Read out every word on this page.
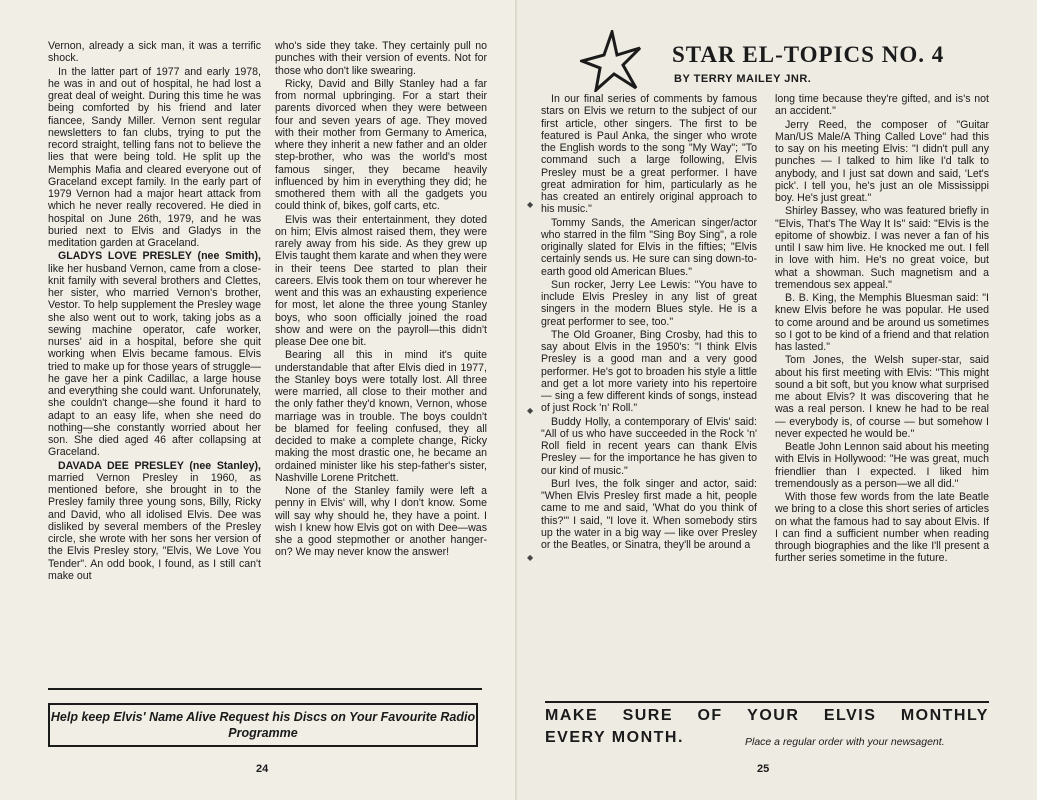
Vernon, already a sick man, it was a terrific shock.

In the latter part of 1977 and early 1978, he was in and out of hospital, he had lost a great deal of weight. During this time he was being comforted by his friend and later fiancee, Sandy Miller. Vernon sent regular newsletters to fan clubs, trying to put the record straight, telling fans not to believe the lies that were being told. He split up the Memphis Mafia and cleared everyone out of Graceland except family. In the early part of 1979 Vernon had a major heart attack from which he never really recovered. He died in hospital on June 26th, 1979, and he was buried next to Elvis and Gladys in the meditation garden at Graceland.

GLADYS LOVE PRESLEY (nee Smith), like her husband Vernon, came from a close-knit family with several brothers and Clettes, her sister, who married Vernon's brother, Vestor. To help supplement the Presley wage she also went out to work, taking jobs as a sewing machine operator, cafe worker, nurses' aid in a hospital, before she quit working when Elvis became famous. Elvis tried to make up for those years of struggle—he gave her a pink Cadillac, a large house and everything she could want. Unforunately, she couldn't change—she found it hard to adapt to an easy life, when she need do nothing—she constantly worried about her son. She died aged 46 after collapsing at Graceland.

DAVADA DEE PRESLEY (nee Stanley), married Vernon Presley in 1960, as mentioned before, she brought in to the Presley family three young sons, Billy, Ricky and David, who all idolised Elvis. Dee was disliked by several members of the Presley circle, she wrote with her sons her version of the Elvis Presley story, "Elvis, We Love You Tender". An odd book, I found, as I still can't make out

who's side they take. They certainly pull no punches with their version of events. Not for those who don't like swearing.

Ricky, David and Billy Stanley had a far from normal upbringing. For a start their parents divorced when they were between four and seven years of age. They moved with their mother from Germany to America, where they inherit a new father and an older step-brother, who was the world's most famous singer, they became heavily influenced by him in everything they did; he smothered them with all the gadgets you could think of, bikes, golf carts, etc.

Elvis was their entertainment, they doted on him; Elvis almost raised them, they were rarely away from his side. As they grew up Elvis taught them karate and when they were in their teens Dee started to plan their careers. Elvis took them on tour wherever he went and this was an exhausting experience for most, let alone the three young Stanley boys, who soon officially joined the road show and were on the payroll—this didn't please Dee one bit.

Bearing all this in mind it's quite understandable that after Elvis died in 1977, the Stanley boys were totally lost. All three were married, all close to their mother and the only father they'd known, Vernon, whose marriage was in trouble. The boys couldn't be blamed for feeling confused, they all decided to make a complete change, Ricky making the most drastic one, he became an ordained minister like his step-father's sister, Nashville Lorene Pritchett.

None of the Stanley family were left a penny in Elvis' will, why I don't know. Some will say why should he, they have a point. I wish I knew how Elvis got on with Dee—was she a good stepmother or another hanger-on? We may never know the answer!

Help keep Elvis' Name Alive Request his Discs on Your Favourite Radio Programme
24
STAR EL-TOPICS NO. 4
BY TERRY MAILEY JNR.
◆
◆
◆

In our final series of comments by famous stars on Elvis we return to the subject of our first article, other singers. The first to be featured is Paul Anka, the singer who wrote the English words to the song "My Way"; "To command such a large following, Elvis Presley must be a great performer. I have great admiration for him, particularly as he has created an entirely original approach to his music."

Tommy Sands, the American singer/actor who starred in the film "Sing Boy Sing", a role originally slated for Elvis in the fifties; "Elvis certainly sends us. He sure can sing down-to-earth good old American Blues."

Sun rocker, Jerry Lee Lewis: "You have to include Elvis Presley in any list of great singers in the modern Blues style. He is a great performer to see, too."

The Old Groaner, Bing Crosby, had this to say about Elvis in the 1950's: "I think Elvis Presley is a good man and a very good performer. He's got to broaden his style a little and get a lot more variety into his repertoire — sing a few different kinds of songs, instead of just Rock 'n' Roll."

Buddy Holly, a contemporary of Elvis' said: "All of us who have succeeded in the Rock 'n' Roll field in recent years can thank Elvis Presley — for the importance he has given to our kind of music."

Burl Ives, the folk singer and actor, said: "When Elvis Presley first made a hit, people came to me and said, 'What do you think of this?'" I said, "I love it. When somebody stirs up the water in a big way — like over Presley or the Beatles, or Sinatra, they'll be around a

long time because they're gifted, and is's not an accident."

Jerry Reed, the composer of "Guitar Man/US Male/A Thing Called Love" had this to say on his meeting Elvis: "I didn't pull any punches — I talked to him like I'd talk to anybody, and I just sat down and said, 'Let's pick'. I tell you, he's just an ole Mississippi boy. He's just great."

Shirley Bassey, who was featured briefly in "Elvis, That's The Way It Is" said: "Elvis is the epitome of showbiz. I was never a fan of his until I saw him live. He knocked me out. I fell in love with him. He's no great voice, but what a showman. Such magnetism and a tremendous sex appeal."

B. B. King, the Memphis Bluesman said: "I knew Elvis before he was popular. He used to come around and be around us sometimes so I got to be kind of a friend and that relation has lasted."

Tom Jones, the Welsh super-star, said about his first meeting with Elvis: "This might sound a bit soft, but you know what surprised me about Elvis? It was discovering that he was a real person. I knew he had to be real — everybody is, of course — but somehow I never expected he would be."

Beatle John Lennon said about his meeting with Elvis in Hollywood: "He was great, much friendlier than I expected. I liked him tremendously as a person—we all did."

With those few words from the late Beatle we bring to a close this short series of articles on what the famous had to say about Elvis. If I can find a sufficient number when reading through biographies and the like I'll present a further series sometime in the future.

MAKE SURE OF YOUR ELVIS MONTHLY
EVERY MONTH.	Place a regular order with your newsagent.
25
